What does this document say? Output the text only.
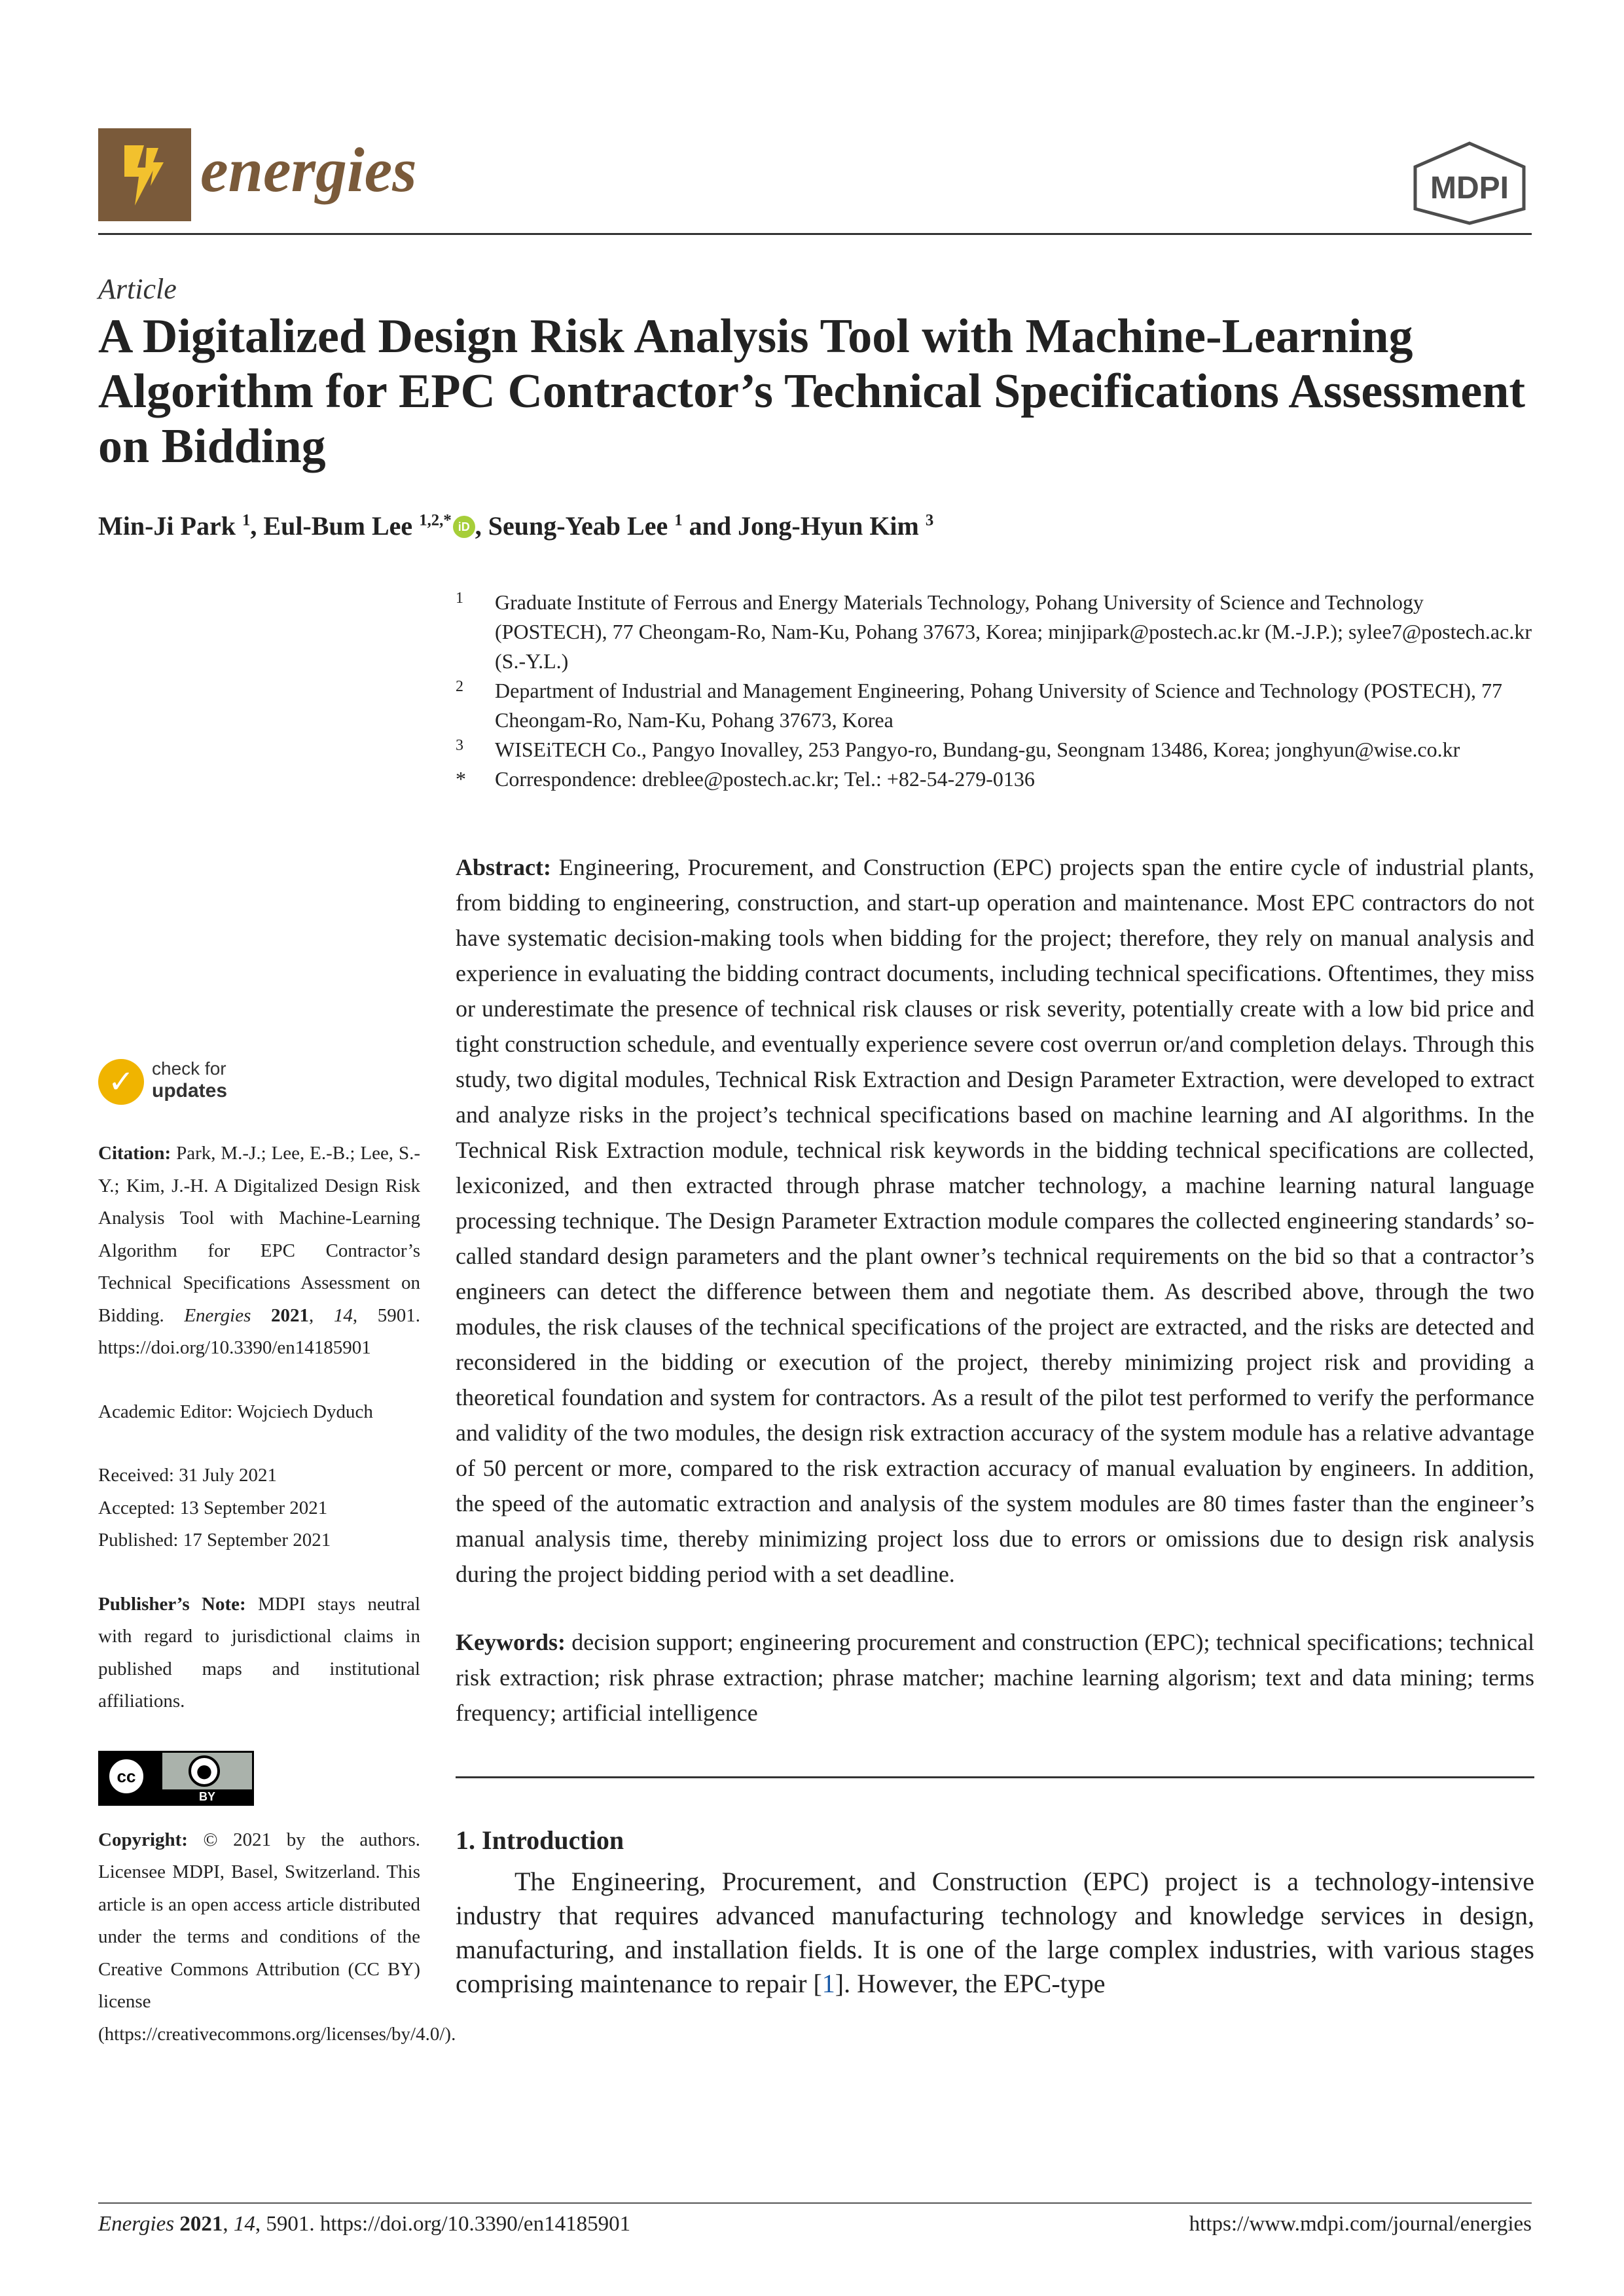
energies	MDPI
Article
A Digitalized Design Risk Analysis Tool with Machine-Learning Algorithm for EPC Contractor’s Technical Specifications Assessment on Bidding
Min-Ji Park $^1$, Eul-Bum Lee $^{1,2,*}$ iD , Seung-Yeab Lee $^1$ and Jong-Hyun Kim $^3$
1 Graduate Institute of Ferrous and Energy Materials Technology, Pohang University of Science and Technology (POSTECH), 77 Cheongam-Ro, Nam-Ku, Pohang 37673, Korea; minjipark@postech.ac.kr (M.-J.P.); sylee7@postech.ac.kr (S.-Y.L.)
2 Department of Industrial and Management Engineering, Pohang University of Science and Technology (POSTECH), 77 Cheongam-Ro, Nam-Ku, Pohang 37673, Korea
3 WISEiTECH Co., Pangyo Inovalley, 253 Pangyo-ro, Bundang-gu, Seongnam 13486, Korea; jonghyun@wise.co.kr
* Correspondence: dreblee@postech.ac.kr; Tel.: +82-54-279-0136

Abstract: Engineering, Procurement, and Construction (EPC) projects span the entire cycle of industrial plants, from bidding to engineering, construction, and start-up operation and maintenance. Most EPC contractors do not have systematic decision-making tools when bidding for the project; therefore, they rely on manual analysis and experience in evaluating the bidding contract documents, including technical specifications. Oftentimes, they miss or underestimate the presence of technical risk clauses or risk severity, potentially create with a low bid price and tight construction schedule, and eventually experience severe cost overrun or/and completion delays. Through this study, two digital modules, Technical Risk Extraction and Design Parameter Extraction, were developed to extract and analyze risks in the project’s technical specifications based on machine learning and AI algorithms. In the Technical Risk Extraction module, technical risk keywords in the bidding technical specifications are collected, lexiconized, and then extracted through phrase matcher technology, a machine learning natural language processing technique. The Design Parameter Extraction module compares the collected engineering standards’ so-called standard design parameters and the plant owner’s technical requirements on the bid so that a contractor’s engineers can detect the difference between them and negotiate them. As described above, through the two modules, the risk clauses of the technical specifications of the project are extracted, and the risks are detected and reconsidered in the bidding or execution of the project, thereby minimizing project risk and providing a theoretical foundation and system for contractors. As a result of the pilot test performed to verify the performance and validity of the two modules, the design risk extraction accuracy of the system module has a relative advantage of 50 percent or more, compared to the risk extraction accuracy of manual evaluation by engineers. In addition, the speed of the automatic extraction and analysis of the system modules are 80 times faster than the engineer’s manual analysis time, thereby minimizing project loss due to errors or omissions due to design risk analysis during the project bidding period with a set deadline.

Keywords: decision support; engineering procurement and construction (EPC); technical specifications; technical risk extraction; risk phrase extraction; phrase matcher; machine learning algorism; text and data mining; terms frequency; artificial intelligence

1. Introduction

The Engineering, Procurement, and Construction (EPC) project is a technology-intensive industry that requires advanced manufacturing technology and knowledge services in design, manufacturing, and installation fields. It is one of the large complex industries, with various stages comprising maintenance to repair [1]. However, the EPC-type

✓ check for
updates

Citation: Park, M.-J.; Lee, E.-B.; Lee, S.-Y.; Kim, J.-H. A Digitalized Design Risk Analysis Tool with Machine-Learning Algorithm for EPC Contractor’s Technical Specifications Assessment on Bidding. Energies 2021, 14, 5901. https://doi.org/10.3390/en14185901

Academic Editor: Wojciech Dyduch

Received: 31 July 2021
Accepted: 13 September 2021
Published: 17 September 2021

Publisher’s Note: MDPI stays neutral with regard to jurisdictional claims in published maps and institutional affiliations.

cc	●
BY

Copyright: © 2021 by the authors. Licensee MDPI, Basel, Switzerland. This article is an open access article distributed under the terms and conditions of the Creative Commons Attribution (CC BY) license (https://creativecommons.org/licenses/by/4.0/).

Energies 2021, 14, 5901. https://doi.org/10.3390/en14185901	https://www.mdpi.com/journal/energies
